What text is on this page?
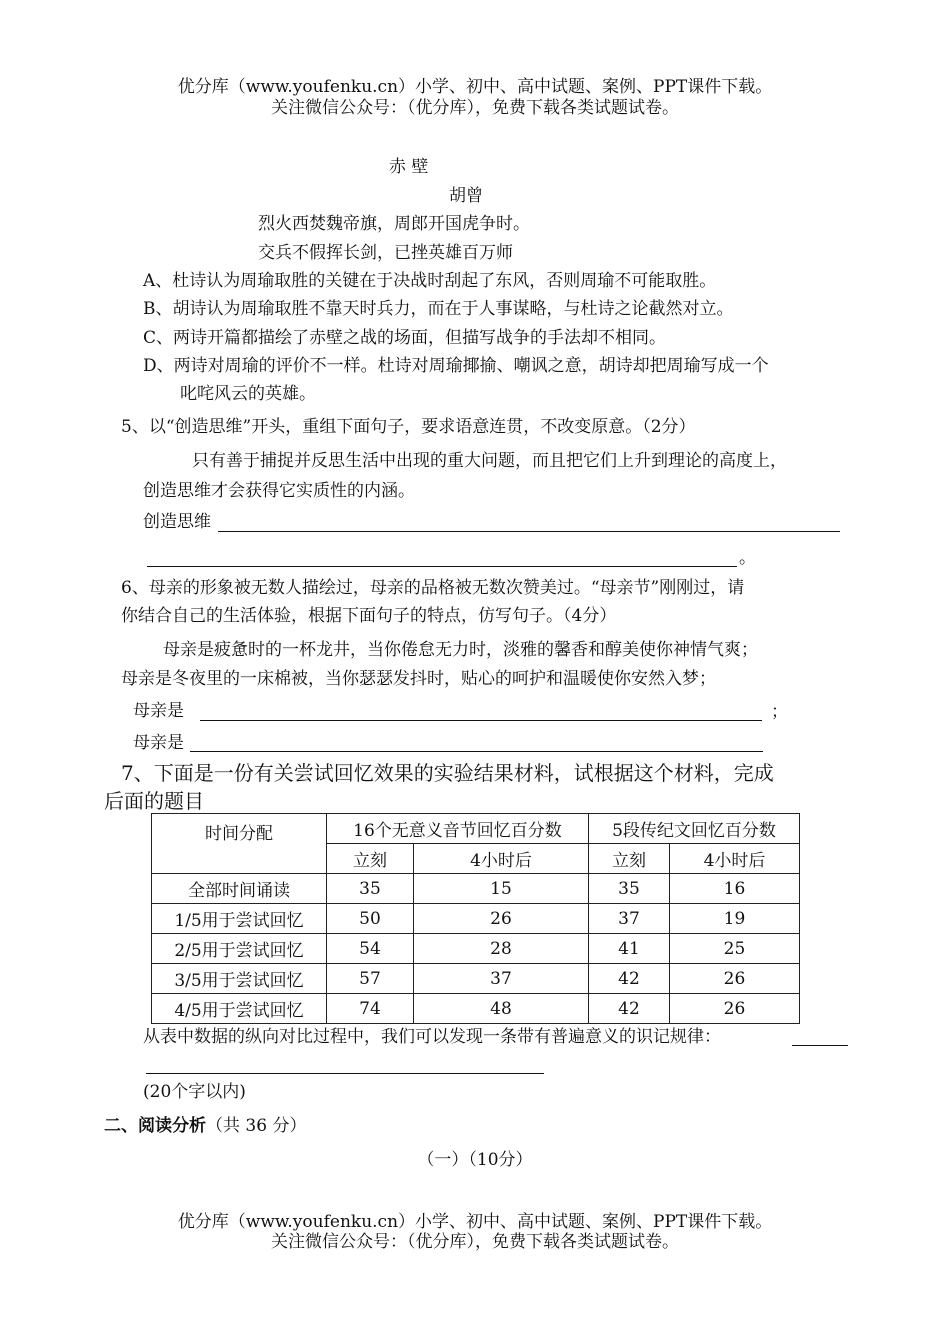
优分库（www.youfenku.cn）小学、初中、高中试题、案例、PPT课件下载。
关注微信公众号：（优分库），免费下载各类试题试卷。
赤 壁
胡曾
烈火西焚魏帝旗，周郎开国虎争时。
交兵不假挥长剑，已挫英雄百万师
A、杜诗认为周瑜取胜的关键在于决战时刮起了东风，否则周瑜不可能取胜。
B、胡诗认为周瑜取胜不靠天时兵力，而在于人事谋略，与杜诗之论截然对立。
C、两诗开篇都描绘了赤壁之战的场面，但描写战争的手法却不相同。
D、两诗对周瑜的评价不一样。杜诗对周瑜揶揄、嘲讽之意，胡诗却把周瑜写成一个
叱咤风云的英雄。
5、以“创造思维”开头，重组下面句子，要求语意连贯，不改变原意。（2分）
只有善于捕捉并反思生活中出现的重大问题，而且把它们上升到理论的高度上，
创造思维才会获得它实质性的内涵。
创造思维
。
6、母亲的形象被无数人描绘过，母亲的品格被无数次赞美过。“母亲节”刚刚过，请
你结合自己的生活体验，根据下面句子的特点，仿写句子。（4分）
母亲是疲惫时的一杯龙井，当你倦怠无力时，淡雅的馨香和醇美使你神情气爽；
母亲是冬夜里的一床棉被，当你瑟瑟发抖时，贴心的呵护和温暖使你安然入梦；
母亲是	；
母亲是
7、下面是一份有关尝试回忆效果的实验结果材料，试根据这个材料，完成
后面的题目
时间分配	16个无意义音节回忆百分数		5段传纪文回忆百分数	
	立刻	4小时后	立刻	4小时后
全部时间诵读	35	15	35	16
1/5用于尝试回忆	50	26	37	19
2/5用于尝试回忆	54	28	41	25
3/5用于尝试回忆	57	37	42	26
4/5用于尝试回忆	74	48	42	26
从表中数据的纵向对比过程中，我们可以发现一条带有普遍意义的识记规律：
(20个字以内)
二、阅读分析（共 36 分）
（一）（10分）
优分库（www.youfenku.cn）小学、初中、高中试题、案例、PPT课件下载。
关注微信公众号：（优分库），免费下载各类试题试卷。
